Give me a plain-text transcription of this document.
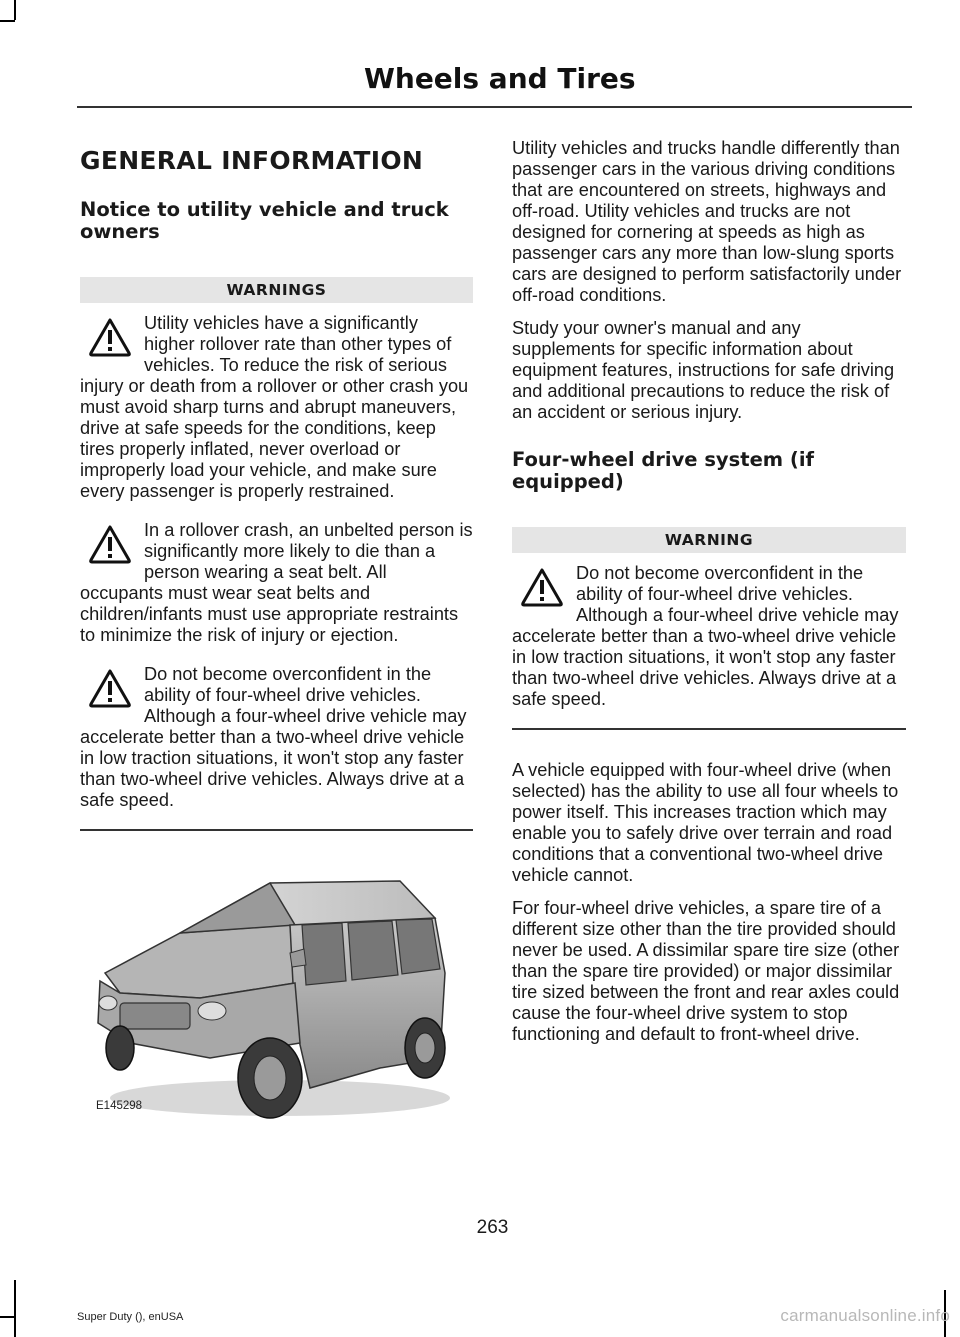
Wheels and Tires
GENERAL INFORMATION
Notice to utility vehicle and truck owners
WARNINGS
Utility vehicles have a significantly higher rollover rate than other types of vehicles. To reduce the risk of serious injury or death from a rollover or other crash you must avoid sharp turns and abrupt maneuvers, drive at safe speeds for the conditions, keep tires properly inflated, never overload or improperly load your vehicle, and make sure every passenger is properly restrained.
In a rollover crash, an unbelted person is significantly more likely to die than a person wearing a seat belt. All occupants must wear seat belts and children/infants must use appropriate restraints to minimize the risk of injury or ejection.
Do not become overconfident in the ability of four-wheel drive vehicles. Although a four-wheel drive vehicle may accelerate better than a two-wheel drive vehicle in low traction situations, it won't stop any faster than two-wheel drive vehicles. Always drive at a safe speed.
E145298

Utility vehicles and trucks handle differently than passenger cars in the various driving conditions that are encountered on streets, highways and off-road. Utility vehicles and trucks are not designed for cornering at speeds as high as passenger cars any more than low-slung sports cars are designed to perform satisfactorily under off-road conditions.

Study your owner's manual and any supplements for specific information about equipment features, instructions for safe driving and additional precautions to reduce the risk of an accident or serious injury.

Four-wheel drive system (if equipped)
WARNING
Do not become overconfident in the ability of four-wheel drive vehicles. Although a four-wheel drive vehicle may accelerate better than a two-wheel drive vehicle in low traction situations, it won't stop any faster than two-wheel drive vehicles. Always drive at a safe speed.

A vehicle equipped with four-wheel drive (when selected) has the ability to use all four wheels to power itself. This increases traction which may enable you to safely drive over terrain and road conditions that a conventional two-wheel drive vehicle cannot.

For four-wheel drive vehicles, a spare tire of a different size other than the tire provided should never be used. A dissimilar spare tire size (other than the spare tire provided) or major dissimilar tire sized between the front and rear axles could cause the four-wheel drive system to stop functioning and default to front-wheel drive.

263
Super Duty (), enUSA	carmanualsonline.info
